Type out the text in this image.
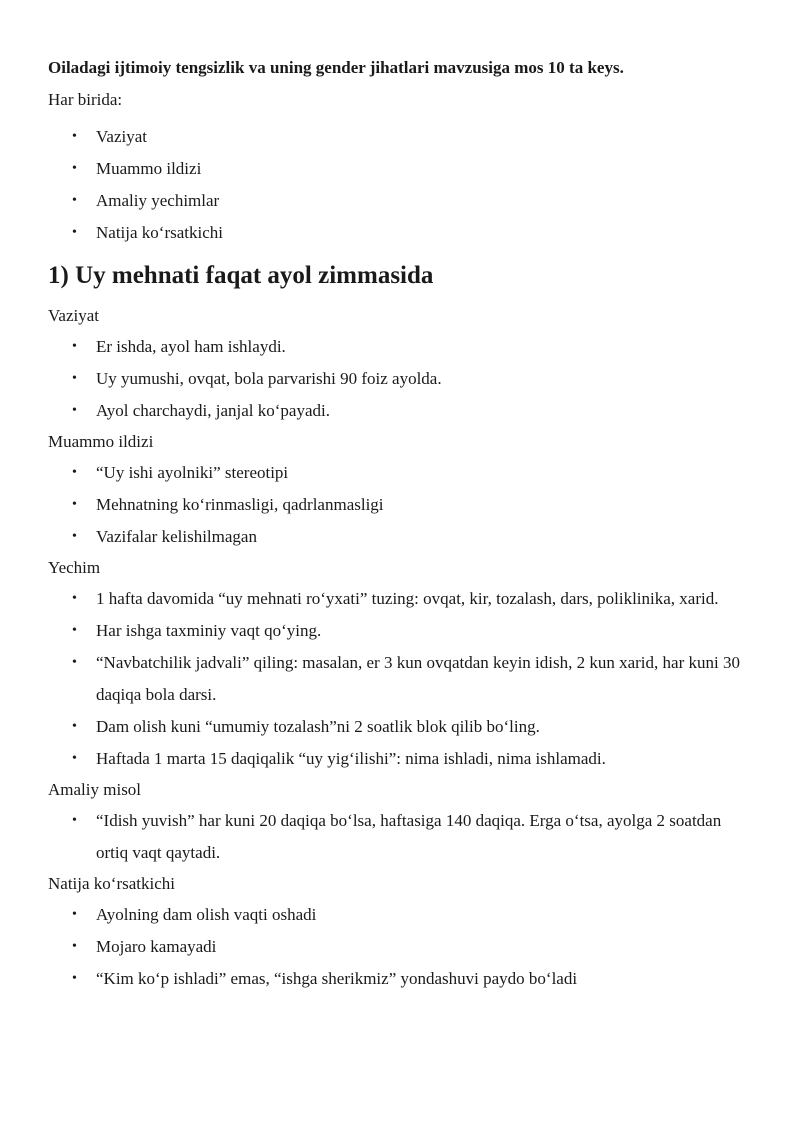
Oiladagi ijtimoiy tengsizlik va uning gender jihatlari mavzusiga mos 10 ta keys.
Har birida:
• Vaziyat
• Muammo ildizi
• Amaliy yechimlar
• Natija ko‘rsatkichi
1) Uy mehnati faqat ayol zimmasida
Vaziyat
• Er ishda, ayol ham ishlaydi.
• Uy yumushi, ovqat, bola parvarishi 90 foiz ayolda.
• Ayol charchaydi, janjal ko‘payadi.
Muammo ildizi
• “Uy ishi ayolniki” stereotipi
• Mehnatning ko‘rinmasligi, qadrlanmasligi
• Vazifalar kelishilmagan
Yechim
• 1 hafta davomida “uy mehnati ro‘yxati” tuzing: ovqat, kir, tozalash, dars, poliklinika, xarid.
• Har ishga taxminiy vaqt qo‘ying.
• “Navbatchilik jadvali” qiling: masalan, er 3 kun ovqatdan keyin idish, 2 kun xarid, har kuni 30 daqiqa bola darsi.
• Dam olish kuni “umumiy tozalash”ni 2 soatlik blok qilib bo‘ling.
• Haftada 1 marta 15 daqiqalik “uy yig‘ilishi”: nima ishladi, nima ishlamadi.
Amaliy misol
• “Idish yuvish” har kuni 20 daqiqa bo‘lsa, haftasiga 140 daqiqa. Erga o‘tsa, ayolga 2 soatdan ortiq vaqt qaytadi.
Natija ko‘rsatkichi
• Ayolning dam olish vaqti oshadi
• Mojaro kamayadi
• “Kim ko‘p ishladi” emas, “ishga sherikmiz” yondashuvi paydo bo‘ladi
